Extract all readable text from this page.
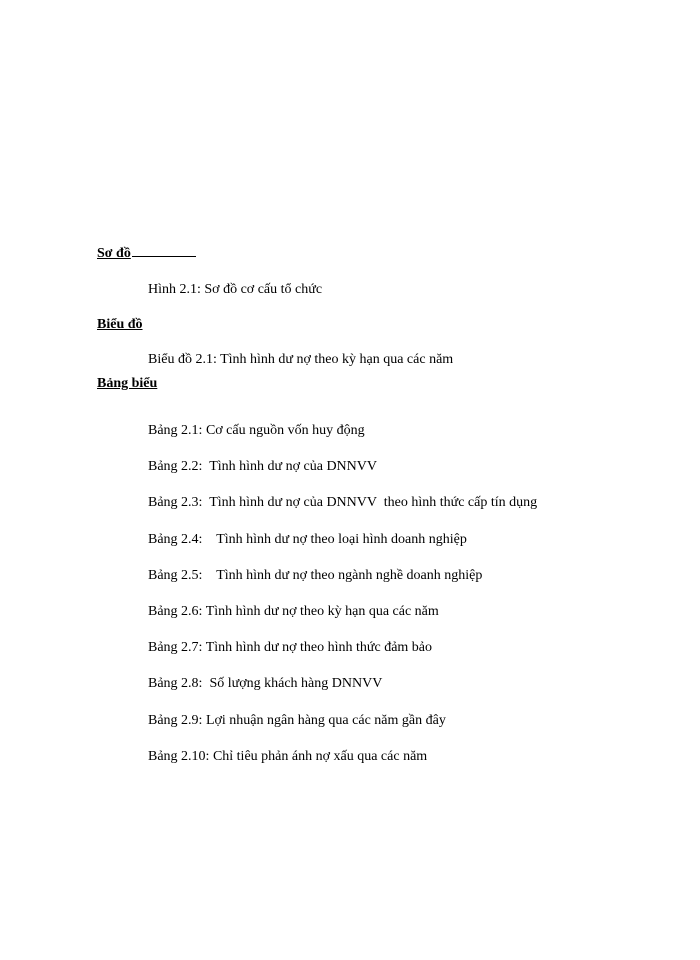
Sơ đồ
Hình 2.1: Sơ đồ cơ cấu tổ chức
Biểu đồ
Biểu đồ 2.1: Tình hình dư nợ theo kỳ hạn qua các năm
Bảng biểu
Bảng 2.1: Cơ cấu nguồn vốn huy động
Bảng 2.2:  Tình hình dư nợ của DNNVV
Bảng 2.3:  Tình hình dư nợ của DNNVV  theo hình thức cấp tín dụng
Bảng 2.4:    Tình hình dư nợ theo loại hình doanh nghiệp
Bảng 2.5:    Tình hình dư nợ theo ngành nghề doanh nghiệp
Bảng 2.6: Tình hình dư nợ theo kỳ hạn qua các năm
Bảng 2.7: Tình hình dư nợ theo hình thức đảm bảo
Bảng 2.8:  Số lượng khách hàng DNNVV
Bảng 2.9: Lợi nhuận ngân hàng qua các năm gần đây
Bảng 2.10: Chỉ tiêu phản ánh nợ xấu qua các năm
